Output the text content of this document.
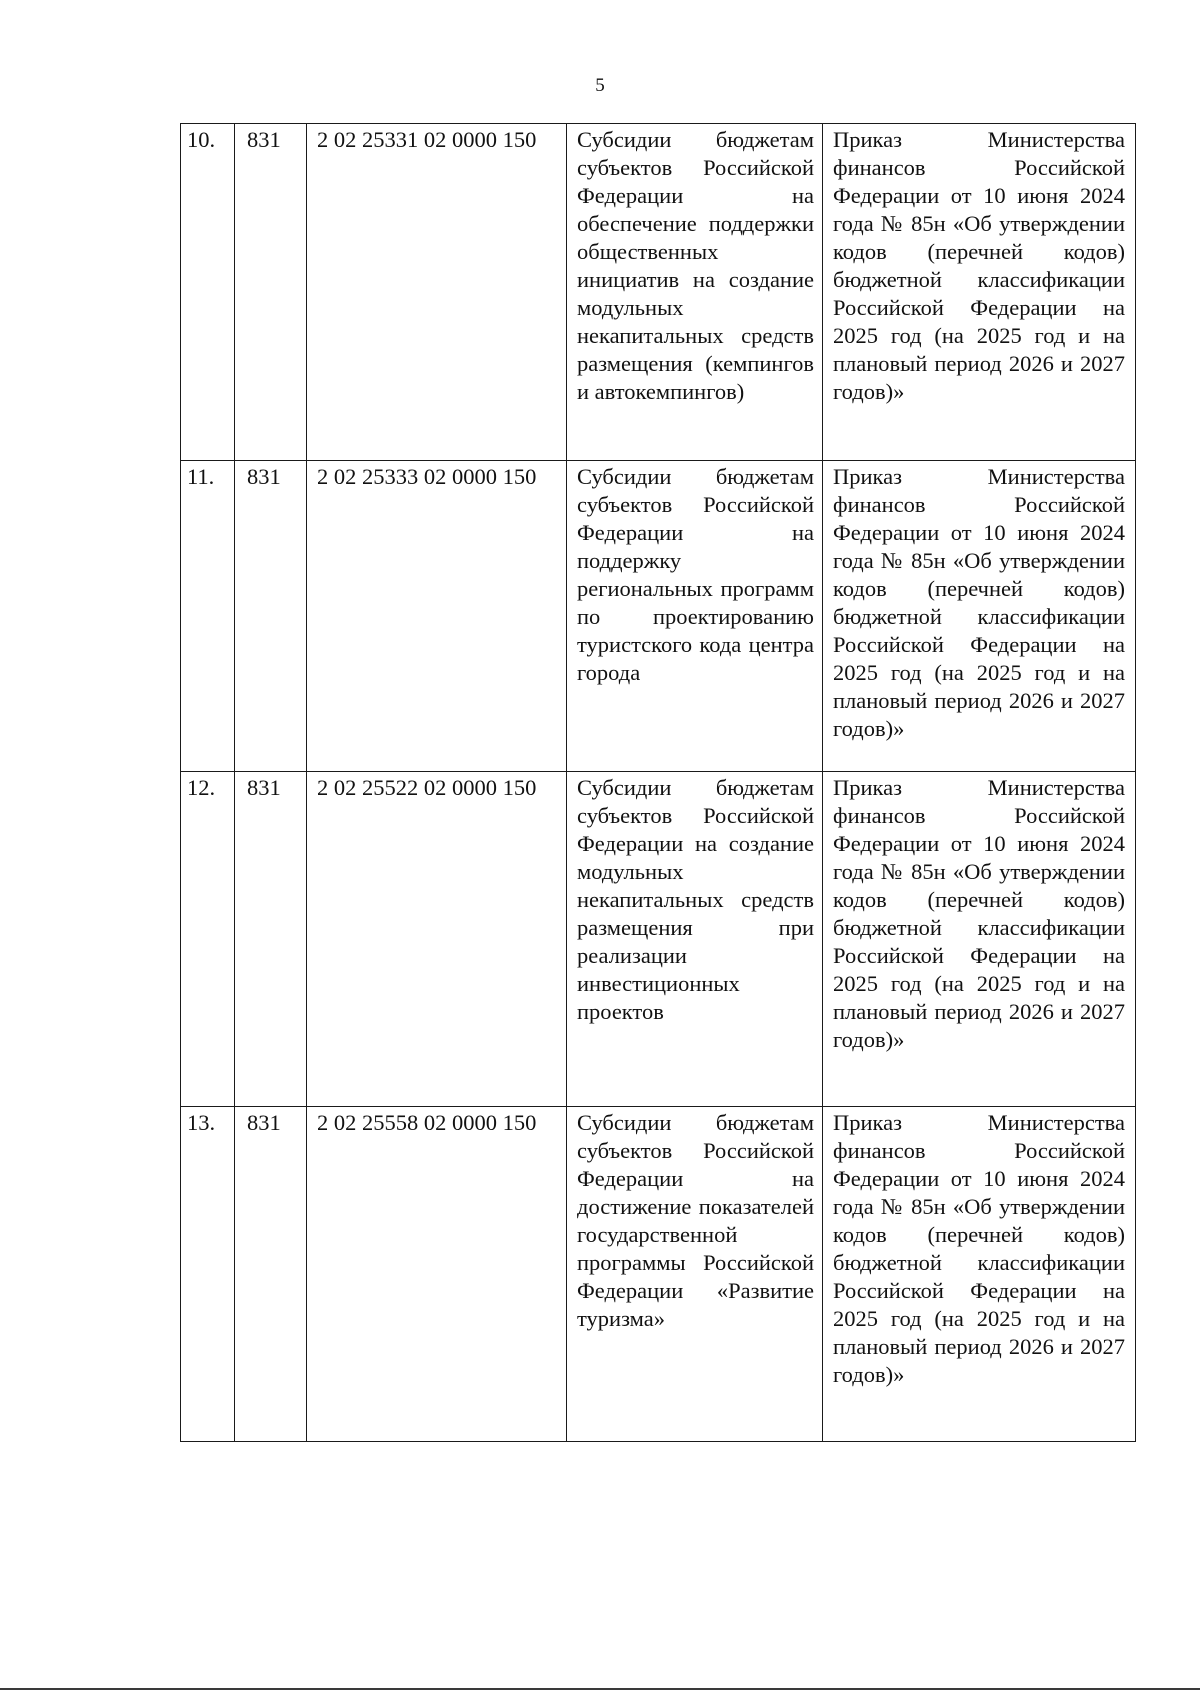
5
10.	831	2 02 25331 02 0000 150	Субсидии бюджетам субъектов Российской Федерации на обеспечение поддержки общественных инициатив на создание модульных некапитальных средств размещения (кемпингов и автокемпингов)	Приказ Министерства финансов Российской Федерации от 10 июня 2024 года № 85н «Об утверждении кодов (перечней кодов) бюджетной классификации Российской Федерации на 2025 год (на 2025 год и на плановый период 2026 и 2027 годов)»
11.	831	2 02 25333 02 0000 150	Субсидии бюджетам субъектов Российской Федерации на поддержку региональных программ по проектированию туристского кода центра города	Приказ Министерства финансов Российской Федерации от 10 июня 2024 года № 85н «Об утверждении кодов (перечней кодов) бюджетной классификации Российской Федерации на 2025 год (на 2025 год и на плановый период 2026 и 2027 годов)»
12.	831	2 02 25522 02 0000 150	Субсидии бюджетам субъектов Российской Федерации на создание модульных некапитальных средств размещения при реализации инвестиционных проектов	Приказ Министерства финансов Российской Федерации от 10 июня 2024 года № 85н «Об утверждении кодов (перечней кодов) бюджетной классификации Российской Федерации на 2025 год (на 2025 год и на плановый период 2026 и 2027 годов)»
13.	831	2 02 25558 02 0000 150	Субсидии бюджетам субъектов Российской Федерации на достижение показателей государственной программы Российской Федерации «Развитие туризма»	Приказ Министерства финансов Российской Федерации от 10 июня 2024 года № 85н «Об утверждении кодов (перечней кодов) бюджетной классификации Российской Федерации на 2025 год (на 2025 год и на плановый период 2026 и 2027 годов)»
